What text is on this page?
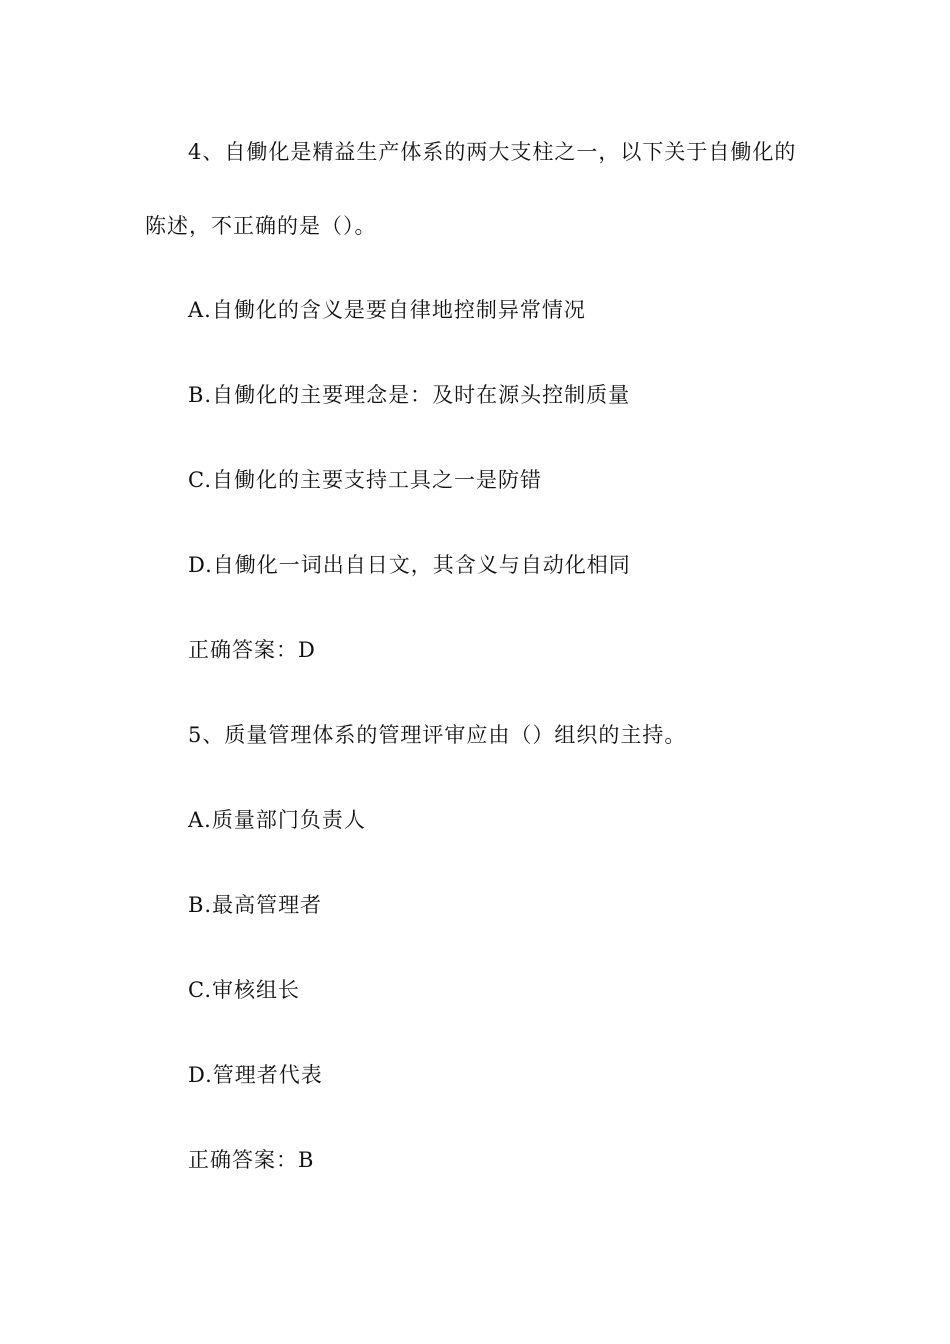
4、自働化是精益生产体系的两大支柱之一，以下关于自働化的
陈述，不正确的是（）。
A.自働化的含义是要自律地控制异常情况
B.自働化的主要理念是：及时在源头控制质量
C.自働化的主要支持工具之一是防错
D.自働化一词出自日文，其含义与自动化相同
正确答案：D
5、质量管理体系的管理评审应由（）组织的主持。
A.质量部门负责人
B.最高管理者
C.审核组长
D.管理者代表
正确答案：B
